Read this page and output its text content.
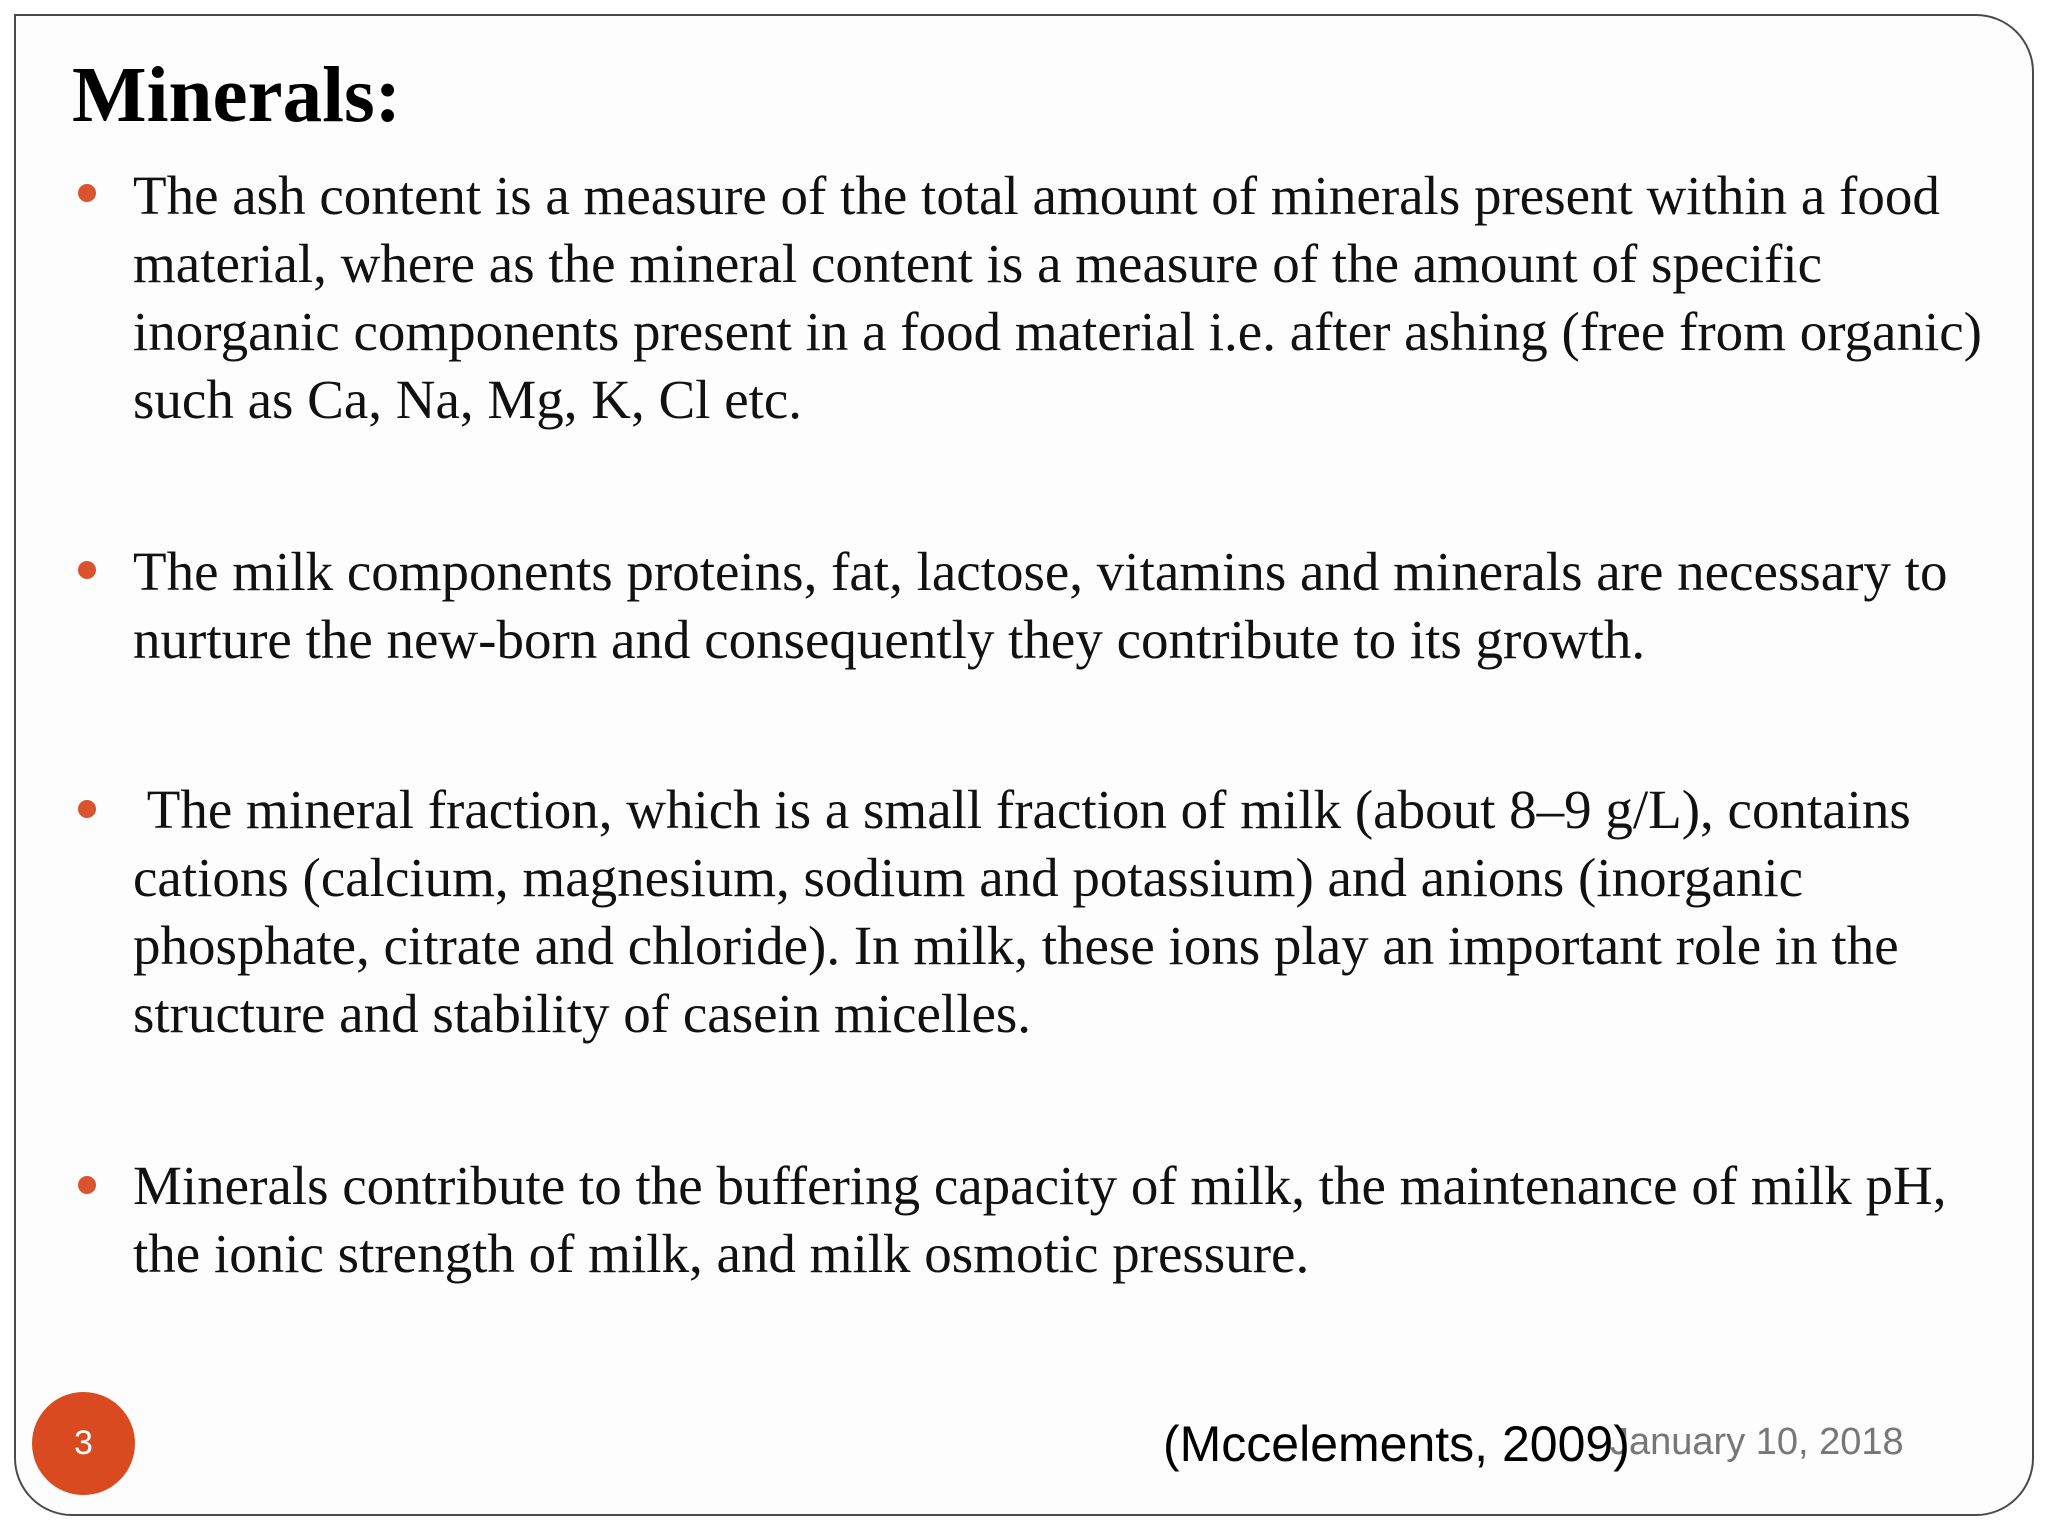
Minerals:

The ash content is a measure of the total amount of minerals present within a food material, where as the mineral content is a measure of the amount of specific inorganic components present in a food material i.e. after ashing (free from organic) such as Ca, Na, Mg, K, Cl etc.

The milk components proteins, fat, lactose, vitamins and minerals are necessary to nurture the new-born and consequently they contribute to its growth.

The mineral fraction, which is a small fraction of milk (about 8–9 g/L), contains cations (calcium, magnesium, sodium and potassium) and anions (inorganic phosphate, citrate and chloride). In milk, these ions play an important role in the structure and stability of casein micelles.

Minerals contribute to the buffering capacity of milk, the maintenance of milk pH, the ionic strength of milk, and milk osmotic pressure.

January 10, 2018
(Mccelements, 2009)
3
